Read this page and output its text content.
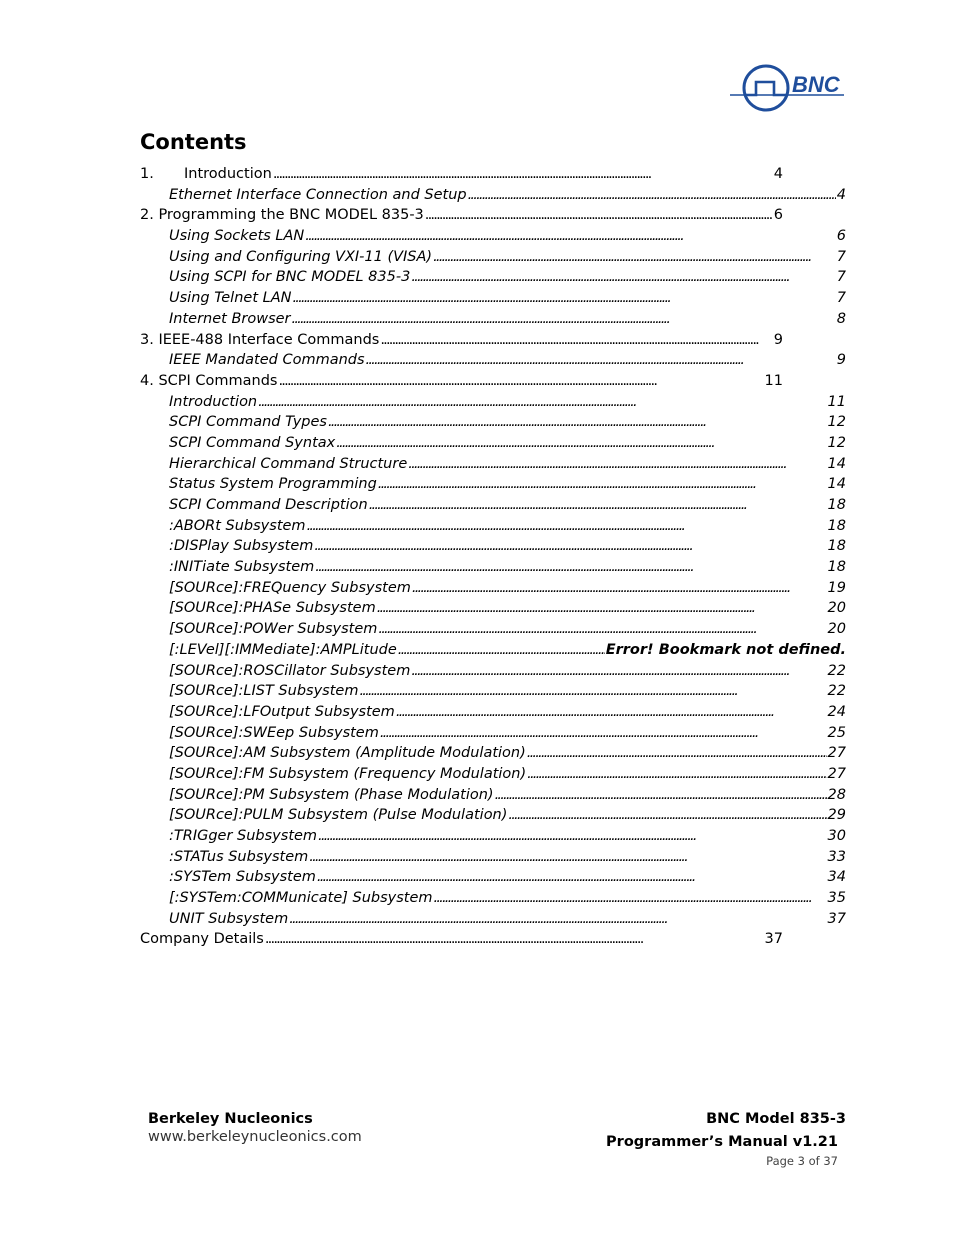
BNC
Contents
1.	Introduction . . .	4
Ethernet Interface Connection and Setup . . .	4
2. Programming the BNC MODEL 835-3 . . .	6
Using Sockets LAN . . .	6
Using and Configuring VXI-11 (VISA) . . .	7
Using SCPI for BNC MODEL 835-3 . . .	7
Using Telnet LAN . . .	7
Internet Browser . . .	8
3. IEEE-488 Interface Commands . . .	9
IEEE Mandated Commands . . .	9
4. SCPI Commands . . .	11
Introduction . . .	11
SCPI Command Types . . .	12
SCPI Command Syntax . . .	12
Hierarchical Command Structure . . .	14
Status System Programming . . .	14
SCPI Command Description . . .	18
:ABORt Subsystem . . .	18
:DISPlay Subsystem . . .	18
:INITiate Subsystem . . .	18
[SOURce]:FREQuency Subsystem . . .	19
[SOURce]:PHASe Subsystem . . .	20
[SOURce]:POWer Subsystem . . .	20
[:LEVel][:IMMediate]:AMPLitude . . .	Error! Bookmark not defined.
[SOURce]:ROSCillator Subsystem . . .	22
[SOURce]:LIST Subsystem . . .	22
[SOURce]:LFOutput Subsystem . . .	24
[SOURce]:SWEep Subsystem . . .	25
[SOURce]:AM Subsystem (Amplitude Modulation) . . .	27
[SOURce]:FM Subsystem (Frequency Modulation) . . .	27
[SOURce]:PM Subsystem (Phase Modulation) . . .	28
[SOURce]:PULM Subsystem (Pulse Modulation) . . .	29
:TRIGger Subsystem . . .	30
:STATus Subsystem . . .	33
:SYSTem Subsystem . . .	34
[:SYSTem:COMMunicate] Subsystem . . .	35
UNIT Subsystem . . .	37
Company Details . . .	37
Berkeley Nucleonics
www.berkeleynucleonics.com
BNC Model 835-3
Programmer’s Manual v1.21
Page 3 of 37
